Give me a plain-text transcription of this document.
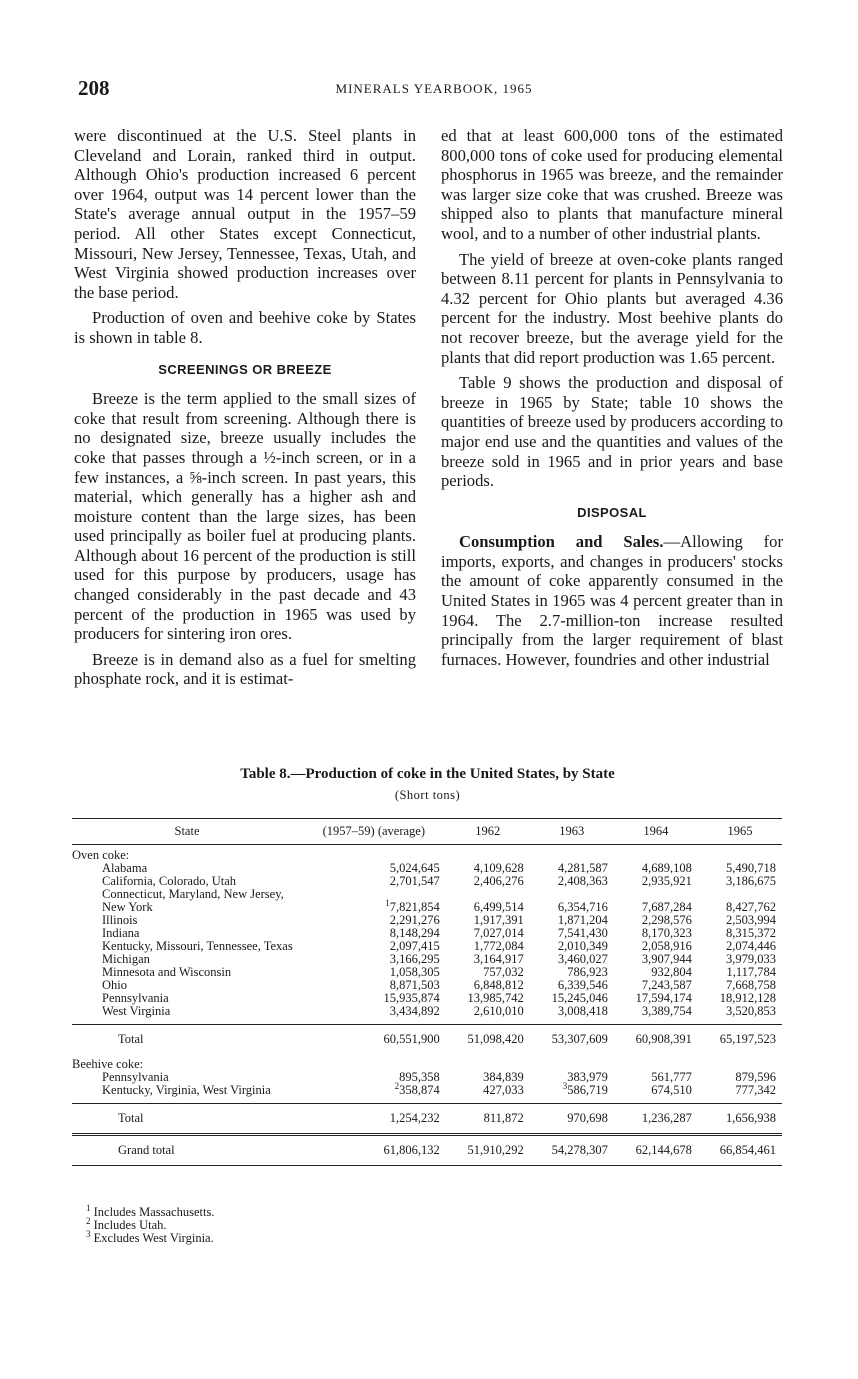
208	MINERALS YEARBOOK, 1965

were discontinued at the U.S. Steel plants in Cleveland and Lorain, ranked third in output. Although Ohio's production increased 6 percent over 1964, output was 14 percent lower than the State's average annual output in the 1957–59 period. All other States except Connecticut, Missouri, New Jersey, Tennessee, Texas, Utah, and West Virginia showed production increases over the base period.

Production of oven and beehive coke by States is shown in table 8.

SCREENINGS OR BREEZE

Breeze is the term applied to the small sizes of coke that result from screening. Although there is no designated size, breeze usually includes the coke that passes through a ½-inch screen, or in a few instances, a ⅝-inch screen. In past years, this material, which generally has a higher ash and moisture content than the large sizes, has been used principally as boiler fuel at producing plants. Although about 16 percent of the production is still used for this purpose by producers, usage has changed considerably in the past decade and 43 percent of the production in 1965 was used by producers for sintering iron ores.

Breeze is in demand also as a fuel for smelting phosphate rock, and it is estimat-

ed that at least 600,000 tons of the estimated 800,000 tons of coke used for producing elemental phosphorus in 1965 was breeze, and the remainder was larger size coke that was crushed. Breeze was shipped also to plants that manufacture mineral wool, and to a number of other industrial plants.

The yield of breeze at oven-coke plants ranged between 8.11 percent for plants in Pennsylvania to 4.32 percent for Ohio plants but averaged 4.36 percent for the industry. Most beehive plants do not recover breeze, but the average yield for the plants that did report production was 1.65 percent.

Table 9 shows the production and disposal of breeze in 1965 by State; table 10 shows the quantities of breeze used by producers according to major end use and the quantities and values of the breeze sold in 1965 and in prior years and base periods.

DISPOSAL

Consumption and Sales.—Allowing for imports, exports, and changes in producers' stocks the amount of coke apparently consumed in the United States in 1965 was 4 percent greater than in 1964. The 2.7-million-ton increase resulted principally from the larger requirement of blast furnaces. However, foundries and other industrial

Table 8.—Production of coke in the United States, by State
(Short tons)
State	(1957–59) (average)	1962	1963	1964	1965
Oven coke:					
Alabama	5,024,645	4,109,628	4,281,587	4,689,108	5,490,718
California, Colorado, Utah	2,701,547	2,406,276	2,408,363	2,935,921	3,186,675
Connecticut, Maryland, New Jersey, New York	$^1$7,821,854	6,499,514	6,354,716	7,687,284	8,427,762
Illinois	2,291,276	1,917,391	1,871,204	2,298,576	2,503,994
Indiana	8,148,294	7,027,014	7,541,430	8,170,323	8,315,372
Kentucky, Missouri, Tennessee, Texas	2,097,415	1,772,084	2,010,349	2,058,916	2,074,446
Michigan	3,166,295	3,164,917	3,460,027	3,907,944	3,979,033
Minnesota and Wisconsin	1,058,305	757,032	786,923	932,804	1,117,784
Ohio	8,871,503	6,848,812	6,339,546	7,243,587	7,668,758
Pennsylvania	15,935,874	13,985,742	15,245,046	17,594,174	18,912,128
West Virginia	3,434,892	2,610,010	3,008,418	3,389,754	3,520,853
Total	60,551,900	51,098,420	53,307,609	60,908,391	65,197,523
Beehive coke:					
Pennsylvania	895,358	384,839	383,979	561,777	879,596
Kentucky, Virginia, West Virginia	$^2$358,874	427,033	$^3$586,719	674,510	777,342
Total	1,254,232	811,872	970,698	1,236,287	1,656,938
Grand total	61,806,132	51,910,292	54,278,307	62,144,678	66,854,461
$^1$ Includes Massachusetts.
$^2$ Includes Utah.
$^3$ Excludes West Virginia.
